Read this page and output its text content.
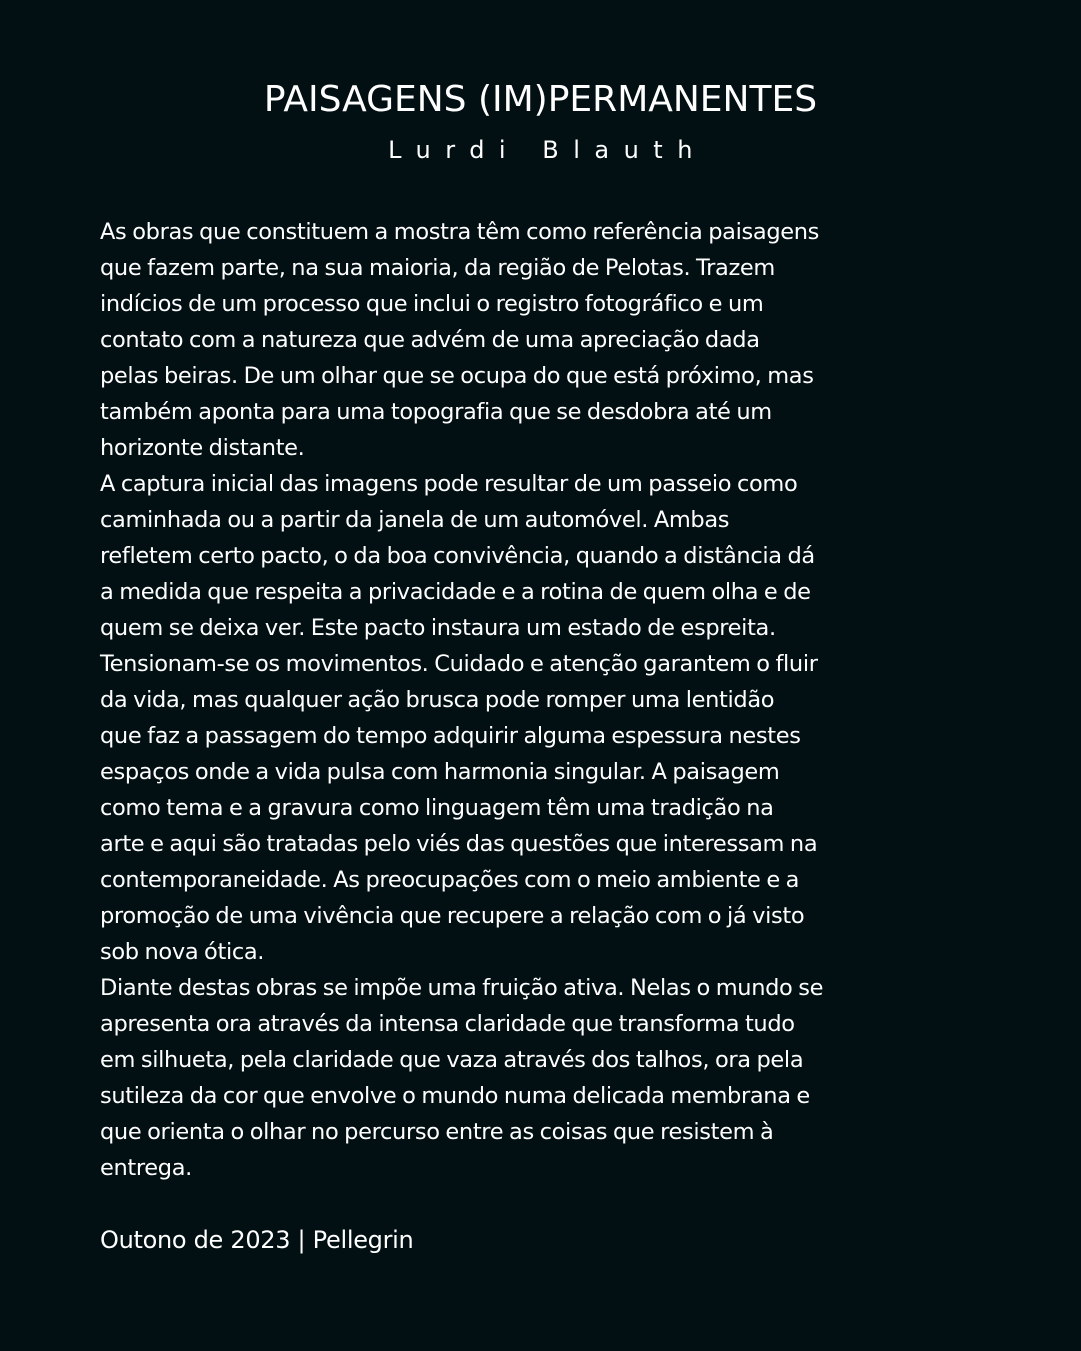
PAISAGENS (IM)PERMANENTES

Lurdi Blauth

As obras que constituem a mostra têm como referência paisagens
que fazem parte, na sua maioria, da região de Pelotas. Trazem
indícios de um processo que inclui o registro fotográfico e um
contato com a natureza que advém de uma apreciação dada
pelas beiras. De um olhar que se ocupa do que está próximo, mas
também aponta para uma topografia que se desdobra até um
horizonte distante.
A captura inicial das imagens pode resultar de um passeio como
caminhada ou a partir da janela de um automóvel. Ambas
refletem certo pacto, o da boa convivência, quando a distância dá
a medida que respeita a privacidade e a rotina de quem olha e de
quem se deixa ver. Este pacto instaura um estado de espreita.
Tensionam-se os movimentos. Cuidado e atenção garantem o fluir
da vida, mas qualquer ação brusca pode romper uma lentidão
que faz a passagem do tempo adquirir alguma espessura nestes
espaços onde a vida pulsa com harmonia singular. A paisagem
como tema e a gravura como linguagem têm uma tradição na
arte e aqui são tratadas pelo viés das questões que interessam na
contemporaneidade. As preocupações com o meio ambiente e a
promoção de uma vivência que recupere a relação com o já visto
sob nova ótica.
Diante destas obras se impõe uma fruição ativa. Nelas o mundo se
apresenta ora através da intensa claridade que transforma tudo
em silhueta, pela claridade que vaza através dos talhos, ora pela
sutileza da cor que envolve o mundo numa delicada membrana e
que orienta o olhar no percurso entre as coisas que resistem à
entrega.

Outono de 2023 | Pellegrin
